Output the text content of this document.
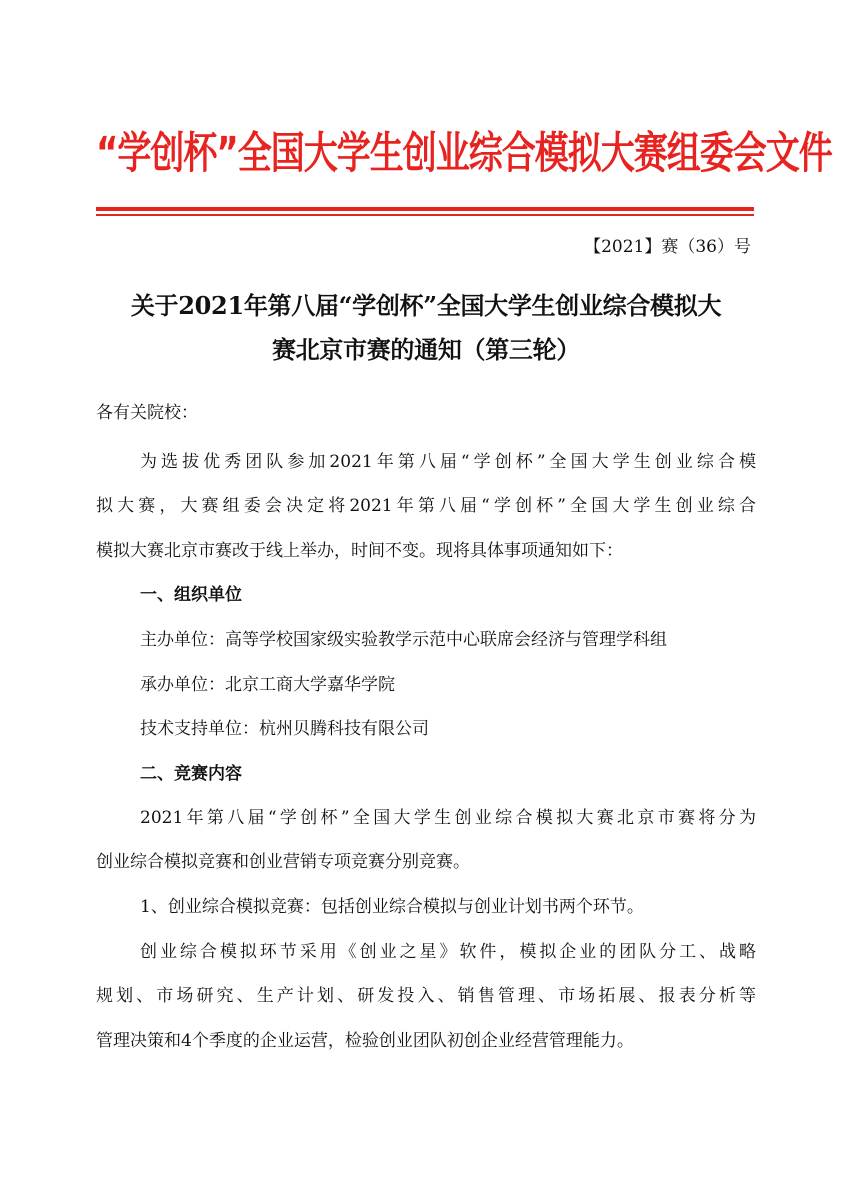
“学创杯”全国大学生创业综合模拟大赛组委会文件
【2021】赛（36）号
关于2021年第八届“学创杯”全国大学生创业综合模拟大
赛北京市赛的通知（第三轮）
各有关院校：
为选拔优秀团队参加2021年第八届“学创杯”全国大学生创业综合模
拟大赛，大赛组委会决定将2021年第八届“学创杯”全国大学生创业综合
模拟大赛北京市赛改于线上举办，时间不变。现将具体事项通知如下：
一、组织单位
主办单位：高等学校国家级实验教学示范中心联席会经济与管理学科组
承办单位：北京工商大学嘉华学院
技术支持单位：杭州贝腾科技有限公司
二、竞赛内容
2021年第八届“学创杯”全国大学生创业综合模拟大赛北京市赛将分为
创业综合模拟竞赛和创业营销专项竞赛分别竞赛。
1、创业综合模拟竞赛：包括创业综合模拟与创业计划书两个环节。
创业综合模拟环节采用《创业之星》软件，模拟企业的团队分工、战略
规划、市场研究、生产计划、研发投入、销售管理、市场拓展、报表分析等
管理决策和4个季度的企业运营，检验创业团队初创企业经营管理能力。
